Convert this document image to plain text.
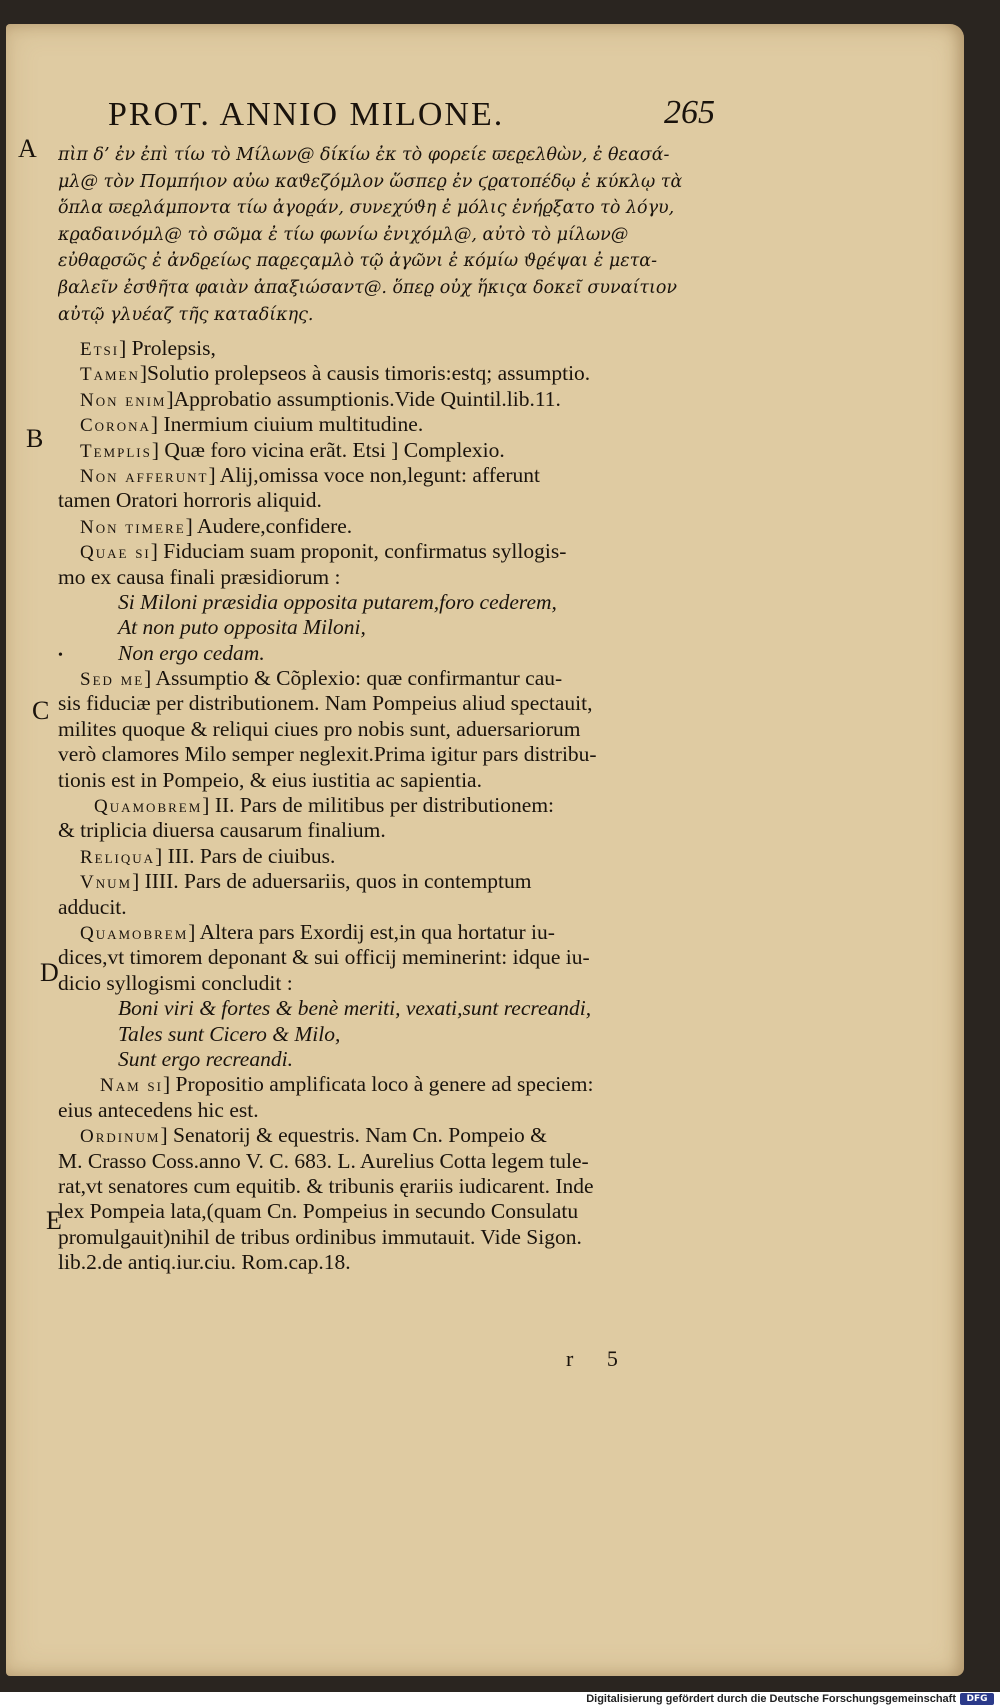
PROT. ANNIO MILONE.	265
A
B
C
D
E
πὶπ δ’ ἐν ἐπὶ τίω τὸ Μίλων@ δίκίω ἐκ τὸ φορείε ϖεϱελθὼν, ἐ θεασά-
μλ@ τὸν Πομπήιον αὐω καϑεζόμλον ὥσπεϱ ἐν ϛϱατοπέδῳ ἐ κύκλῳ τὰ
ὅπλα ϖεϱλάμποντα τίω ἀγοϱάν, συνεχύϑη ἐ μόλις ἐνήϱξατο τὸ λόγυ,
κϱαδαινόμλ@ τὸ σῶμα ἐ τίω φωνίω ἐνιχόμλ@, αὐτὸ τὸ μίλων@
εὐθαϱσῶς ἐ ἀνδϱείως παϱεςαμλὸ τῷ ἀγῶνι ἐ κόμίω ϑϱέψαι ἐ μετα-
βαλεῖν ἐσϑῆτα φαιὰν ἀπαξιώσαντ@. ὅπεϱ οὐχ ἥκιςα δοκεῖ συναίτιον
αὐτῷ γλυέαζ τῆς καταδίκης.
•
Etsi] Prolepsis,
Tamen]Solutio prolepseos à causis timoris:estq; assumptio.
Non enim]Approbatio assumptionis.Vide Quintil.lib.11.
Corona] Inermium ciuium multitudine.
Templis] Quæ foro vicina erãt. Etsi ] Complexio.
Non afferunt] Alij,omissa voce non,legunt: afferunt
tamen Oratori horroris aliquid.
Non timere] Audere,confidere.
Quae si] Fiduciam suam proponit, confirmatus syllogis-
mo ex causa finali præsidiorum :
Si Miloni præsidia opposita putarem,foro cederem,
At non puto opposita Miloni,
Non ergo cedam.
Sed me] Assumptio & Cõplexio: quæ confirmantur cau-
sis fiduciæ per distributionem. Nam Pompeius aliud spectauit,
milites quoque & reliqui ciues pro nobis sunt, aduersariorum
verò clamores Milo semper neglexit.Prima igitur pars distribu-
tionis est in Pompeio, & eius iustitia ac sapientia.
Quamobrem] II. Pars de militibus per distributionem:
& triplicia diuersa causarum finalium.
Reliqua] III. Pars de ciuibus.
Vnum] IIII. Pars de aduersariis, quos in contemptum
adducit.
Quamobrem] Altera pars Exordij est,in qua hortatur iu-
dices,vt timorem deponant & sui officij meminerint: idque iu-
dicio syllogismi concludit :
Boni viri & fortes & benè meriti, vexati,sunt recreandi,
Tales sunt Cicero & Milo,
Sunt ergo recreandi.
Nam si] Propositio amplificata loco à genere ad speciem:
eius antecedens hic est.
Ordinum] Senatorij & equestris. Nam Cn. Pompeio &
M. Crasso Coss.anno V. C. 683. L. Aurelius Cotta legem tule-
rat,vt senatores cum equitib. & tribunis ęrariis iudicarent. Inde
lex Pompeia lata,(quam Cn. Pompeius in secundo Consulatu
promulgauit)nihil de tribus ordinibus immutauit. Vide Sigon.
lib.2.de antiq.iur.ciu. Rom.cap.18.
r 5
Digitalisierung gefördert durch die Deutsche Forschungsgemeinschaft	DFG
